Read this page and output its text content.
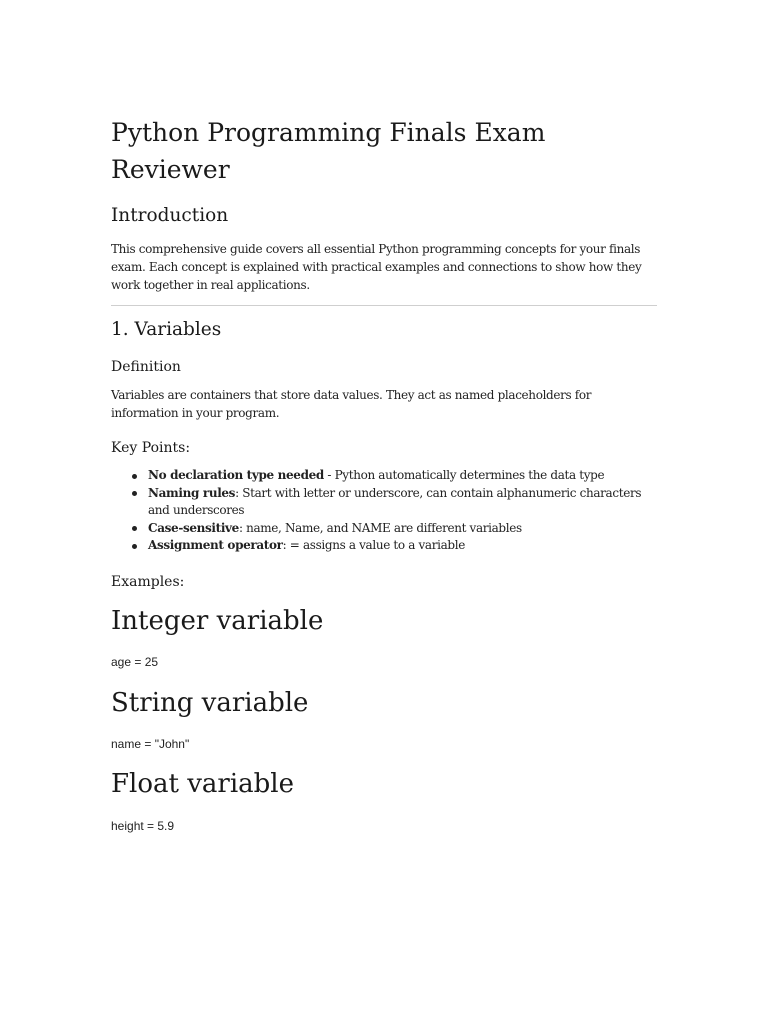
Python Programming Finals Exam Reviewer
Introduction

This comprehensive guide covers all essential Python programming concepts for your finals exam. Each concept is explained with practical examples and connections to show how they work together in real applications.

1. Variables
Definition

Variables are containers that store data values. They act as named placeholders for information in your program.

Key Points:
No declaration type needed - Python automatically determines the data type
Naming rules: Start with letter or underscore, can contain alphanumeric characters and underscores
Case-sensitive: name, Name, and NAME are different variables
Assignment operator: = assigns a value to a variable
Examples:
Integer variable

age = 25

String variable

name = "John"

Float variable

height = 5.9
